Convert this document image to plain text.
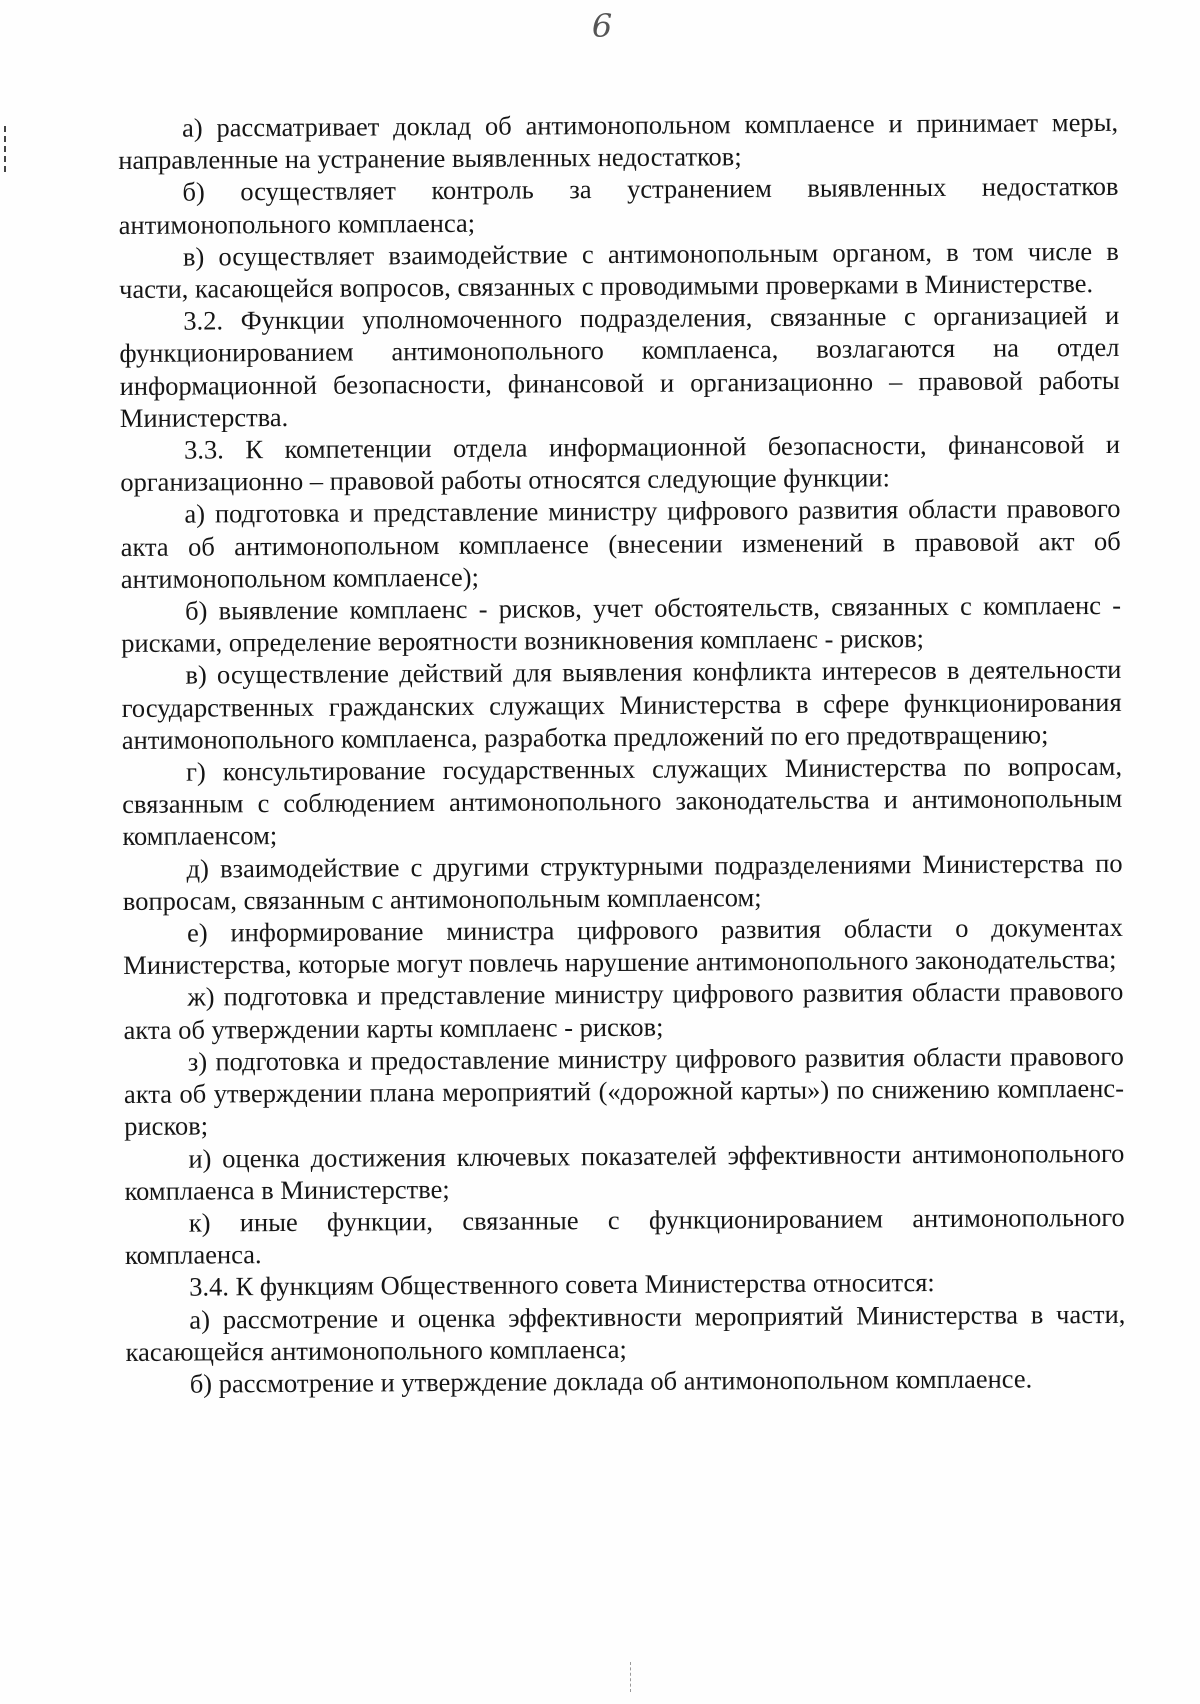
6

а) рассматривает доклад об антимонопольном комплаенсе и принимает меры, направленные на устранение выявленных недостатков;

б) осуществляет контроль за устранением выявленных недостатков антимонопольного комплаенса;

в) осуществляет взаимодействие с антимонопольным органом, в том числе в части, касающейся вопросов, связанных с проводимыми проверками в Министерстве.

3.2. Функции уполномоченного подразделения, связанные с организацией и функционированием антимонопольного комплаенса, возлагаются на отдел информационной безопасности, финансовой и организационно – правовой работы Министерства.

3.3. К компетенции отдела информационной безопасности, финансовой и организационно – правовой работы относятся следующие функции:

а) подготовка и представление министру цифрового развития области правового акта об антимонопольном комплаенсе (внесении изменений в правовой акт об антимонопольном комплаенсе);

б) выявление комплаенс - рисков, учет обстоятельств, связанных с комплаенс - рисками, определение вероятности возникновения комплаенс - рисков;

в) осуществление действий для выявления конфликта интересов в деятельности государственных гражданских служащих Министерства в сфере функционирования антимонопольного комплаенса, разработка предложений по его предотвращению;

г) консультирование государственных служащих Министерства по вопросам, связанным с соблюдением антимонопольного законодательства и антимонопольным комплаенсом;

д) взаимодействие с другими структурными подразделениями Министерства по вопросам, связанным с антимонопольным комплаенсом;

е) информирование министра цифрового развития области о документах Министерства, которые могут повлечь нарушение антимонопольного законодательства;

ж) подготовка и представление министру цифрового развития области правового акта об утверждении карты комплаенс - рисков;

з) подготовка и предоставление министру цифрового развития области правового акта об утверждении плана мероприятий («дорожной карты») по снижению комплаенс-рисков;

и) оценка достижения ключевых показателей эффективности антимонопольного комплаенса в Министерстве;

к) иные функции, связанные с функционированием антимонопольного комплаенса.

3.4. К функциям Общественного совета Министерства относится:

а) рассмотрение и оценка эффективности мероприятий Министерства в части, касающейся антимонопольного комплаенса;

б) рассмотрение и утверждение доклада об антимонопольном комплаенсе.
